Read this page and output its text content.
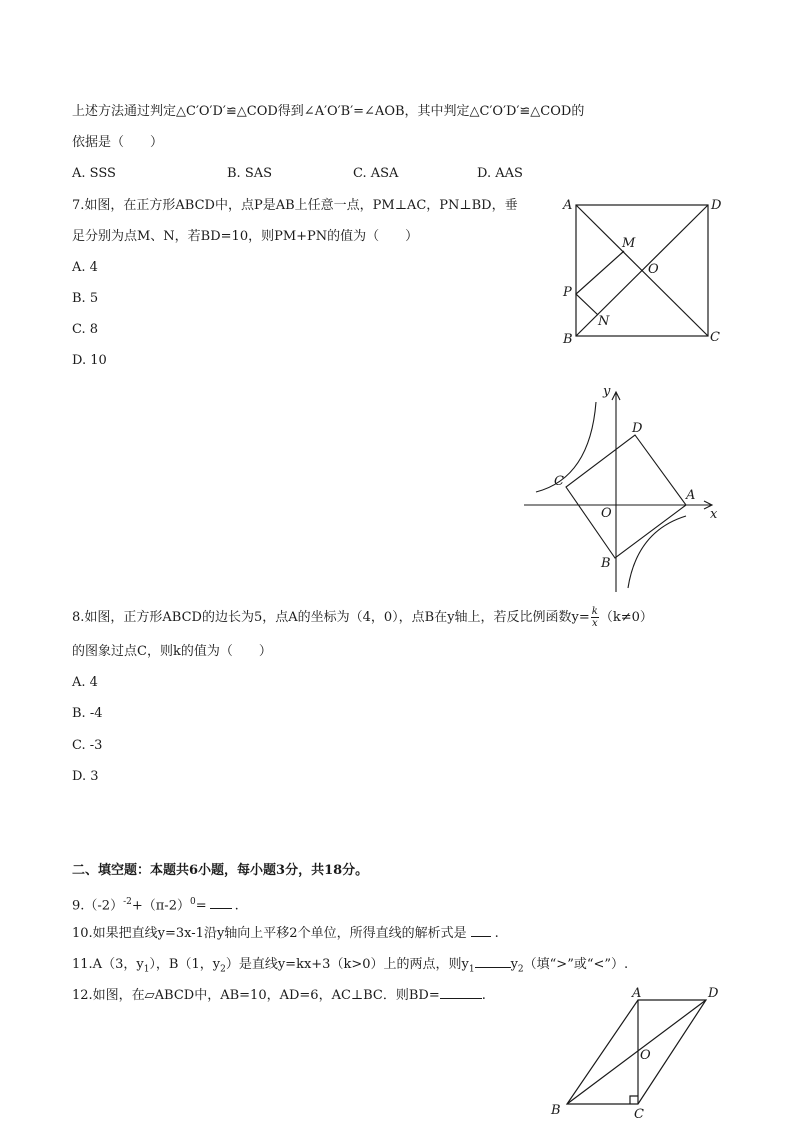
上述方法通过判定△C′O′D′≌△COD得到∠A′O′B′=∠AOB，其中判定△C′O′D′≌△COD的
依据是（　　）
A. SSS	B. SAS	C. ASA	D. AAS
7.如图，在正方形ABCD中，点P是AB上任意一点，PM⊥AC，PN⊥BD，垂
足分别为点M、N，若BD=10，则PM+PN的值为（　　）
A. 4
B. 5
C. 8
D. 10
A	D
B	C
M
O
P
N
y
x
D
C
A
O
B
8.如图，正方形ABCD的边长为5，点A的坐标为（4，0），点B在y轴上，若反比例函数$y= \frac{k}{x} (k\ne 0)$
的图象过点C，则k的值为（　　）
A. 4
B. -4
C. -3
D. 3
二、填空题：本题共6小题，每小题3分，共18分。
$9.(-2)^{-2}+(\pi-2)^0=$ .
10.如果把直线y=3x-1沿y轴向上平移2个单位，所得直线的解析式是 .
11.A（3，$y_1$），B（1，$y_2$）是直线y=kx+3（k>0）上的两点，则$y_1$	$y_2$（填“>”或“<”）.
12.如图，在▱ABCD中，AB=10，AD=6，AC⊥BC．则BD=	.	A	D
O
B	C
